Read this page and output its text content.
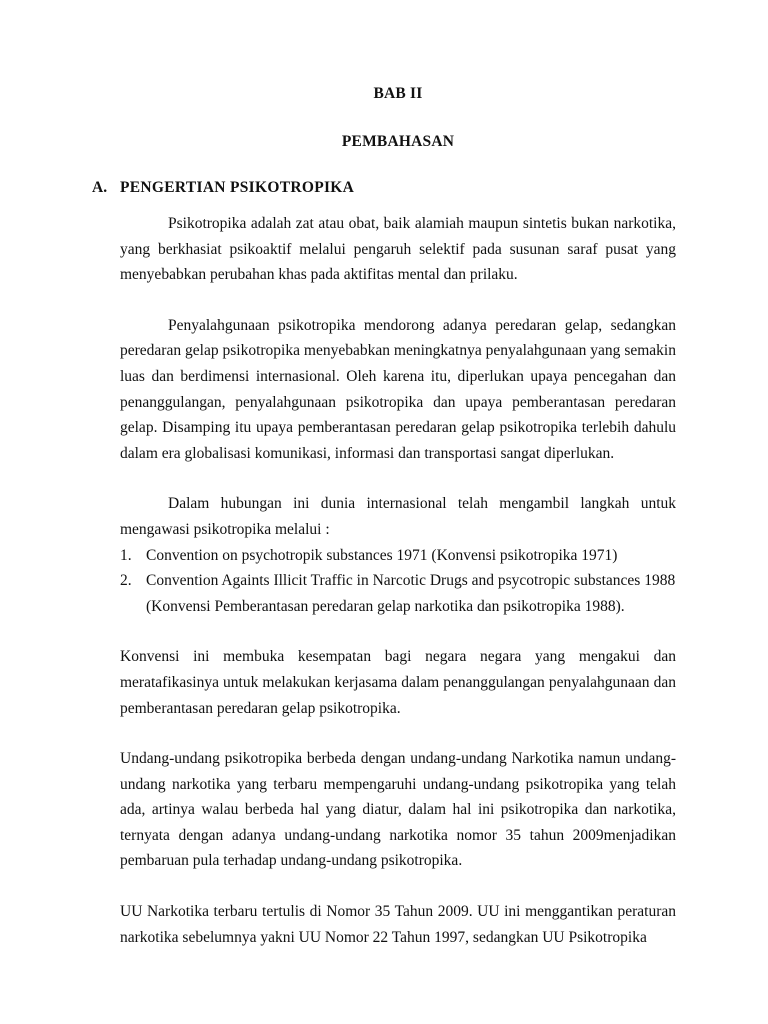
BAB II
PEMBAHASAN
A. PENGERTIAN PSIKOTROPIKA

Psikotropika adalah zat atau obat, baik alamiah maupun sintetis bukan narkotika, yang berkhasiat psikoaktif melalui pengaruh selektif pada susunan saraf pusat yang menyebabkan perubahan khas pada aktifitas mental dan prilaku.

Penyalahgunaan psikotropika mendorong adanya peredaran gelap, sedangkan peredaran gelap psikotropika menyebabkan meningkatnya penyalahgunaan yang semakin luas dan berdimensi internasional. Oleh karena itu, diperlukan upaya pencegahan dan penanggulangan, penyalahgunaan psikotropika dan upaya pemberantasan peredaran gelap. Disamping itu upaya pemberantasan peredaran gelap psikotropika terlebih dahulu dalam era globalisasi komunikasi, informasi dan transportasi sangat diperlukan.

Dalam hubungan ini dunia internasional telah mengambil langkah untuk mengawasi psikotropika melalui :

1. Convention on psychotropik substances 1971 (Konvensi psikotropika 1971)
2. Convention Againts Illicit Traffic in Narcotic Drugs and psycotropic substances 1988
(Konvensi Pemberantasan peredaran gelap narkotika dan psikotropika 1988).

Konvensi ini membuka kesempatan bagi negara negara yang mengakui dan meratafikasinya untuk melakukan kerjasama dalam penanggulangan penyalahgunaan dan pemberantasan peredaran gelap psikotropika.

Undang-undang psikotropika berbeda dengan undang-undang Narkotika namun undang-undang narkotika yang terbaru mempengaruhi undang-undang psikotropika yang telah ada, artinya walau berbeda hal yang diatur, dalam hal ini psikotropika dan narkotika, ternyata dengan adanya undang-undang narkotika nomor 35 tahun 2009menjadikan pembaruan pula terhadap undang-undang psikotropika.

UU Narkotika terbaru tertulis di Nomor 35 Tahun 2009. UU ini menggantikan peraturan narkotika sebelumnya yakni UU Nomor 22 Tahun 1997, sedangkan UU Psikotropika
